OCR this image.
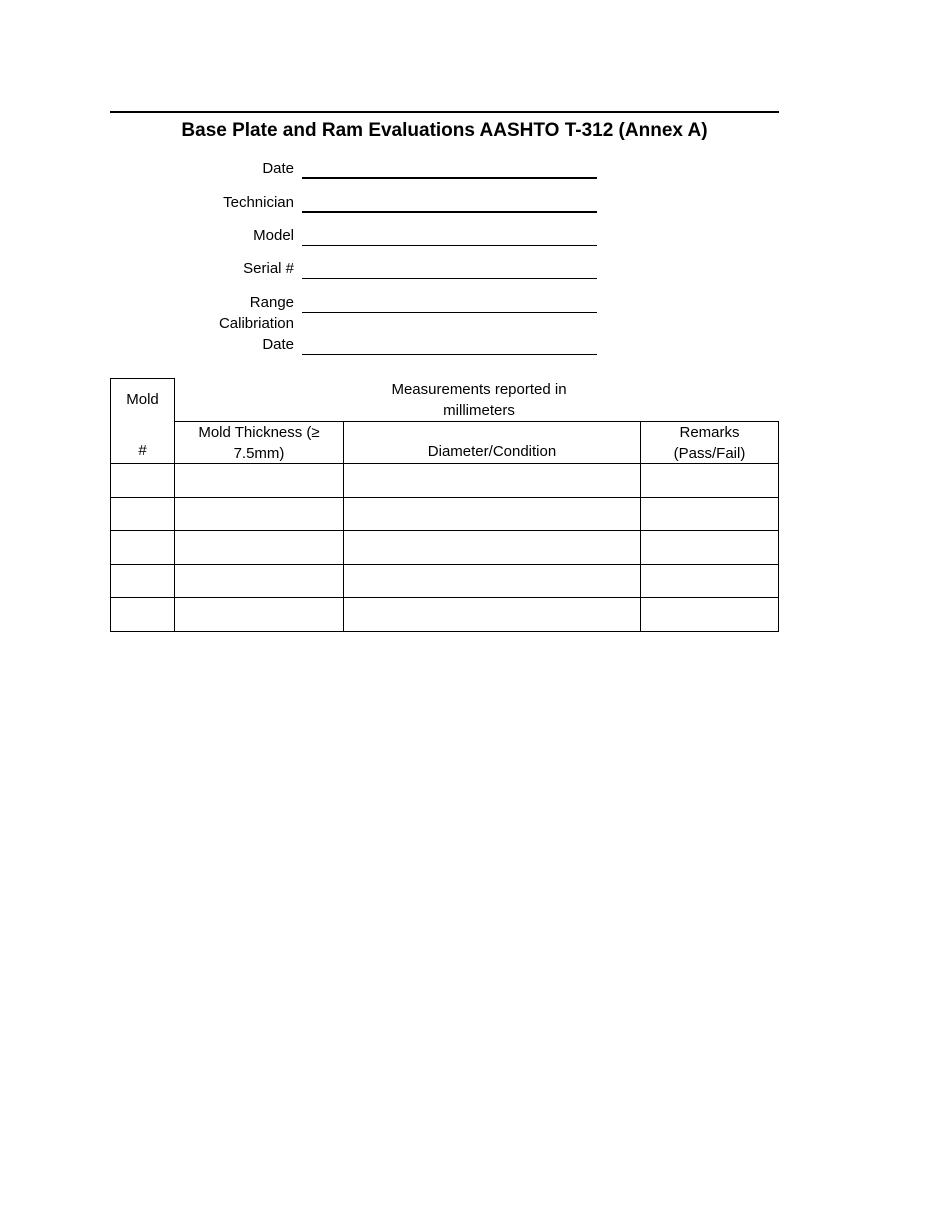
Base Plate and Ram Evaluations AASHTO T-312 (Annex A)
Date
Technician
Model
Serial #
Range
Calibriation
Date
Mold
#
Measurements reported in
millimeters
Mold Thickness (≥
7.5mm)	Diameter/Condition
Remarks
(Pass/Fail)
